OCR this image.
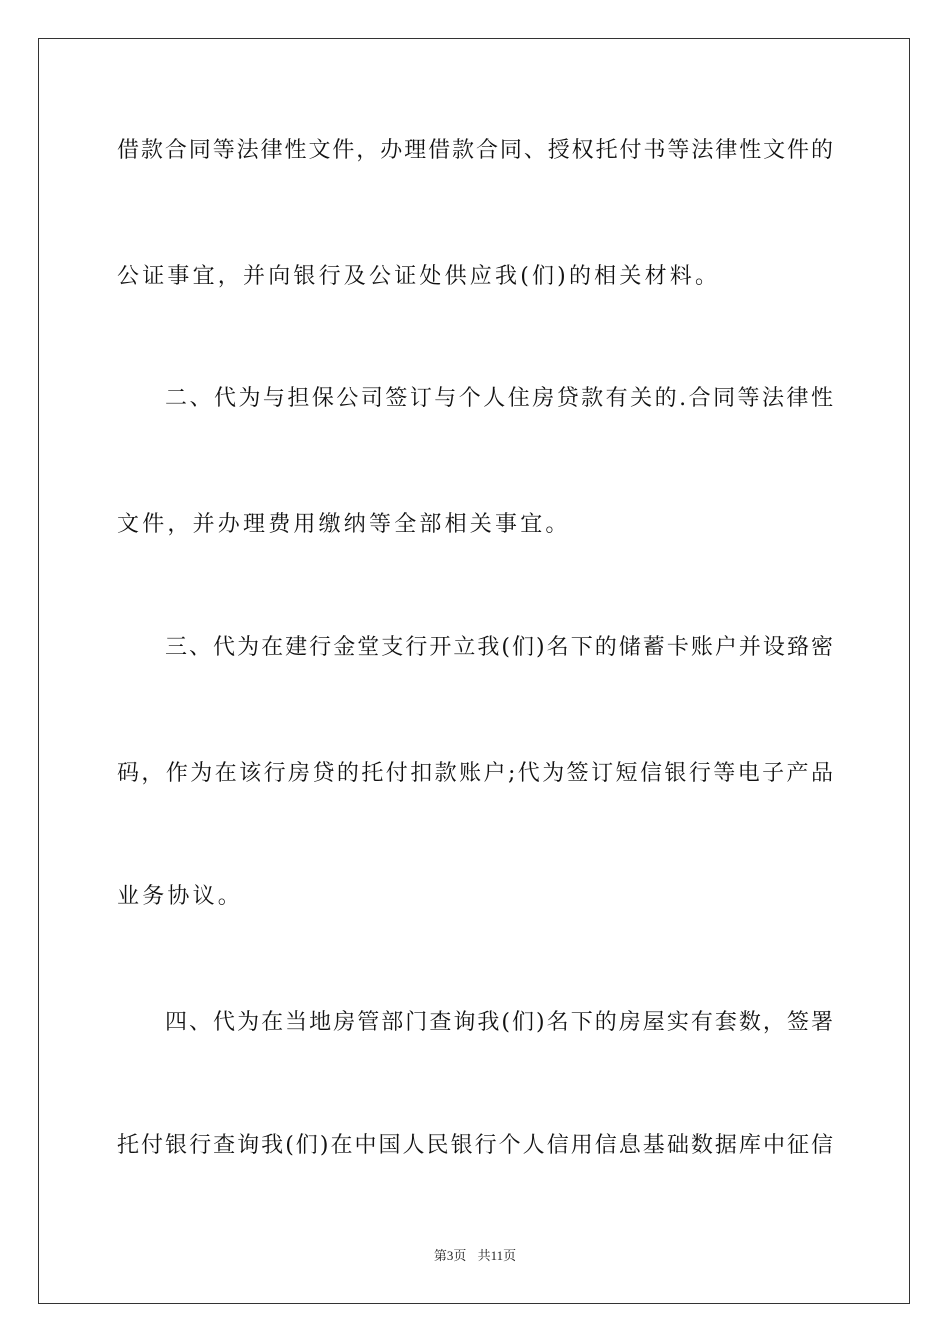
借款合同等法律性文件，办理借款合同、授权托付书等法律性文件的
公证事宜，并向银行及公证处供应我(们)的相关材料。
二、代为与担保公司签订与个人住房贷款有关的.合同等法律性
文件，并办理费用缴纳等全部相关事宜。
三、代为在建行金堂支行开立我(们)名下的储蓄卡账户并设臵密
码，作为在该行房贷的托付扣款账户;代为签订短信银行等电子产品
业务协议。
四、代为在当地房管部门查询我(们)名下的房屋实有套数，签署
托付银行查询我(们)在中国人民银行个人信用信息基础数据库中征信
第3页 共11页
